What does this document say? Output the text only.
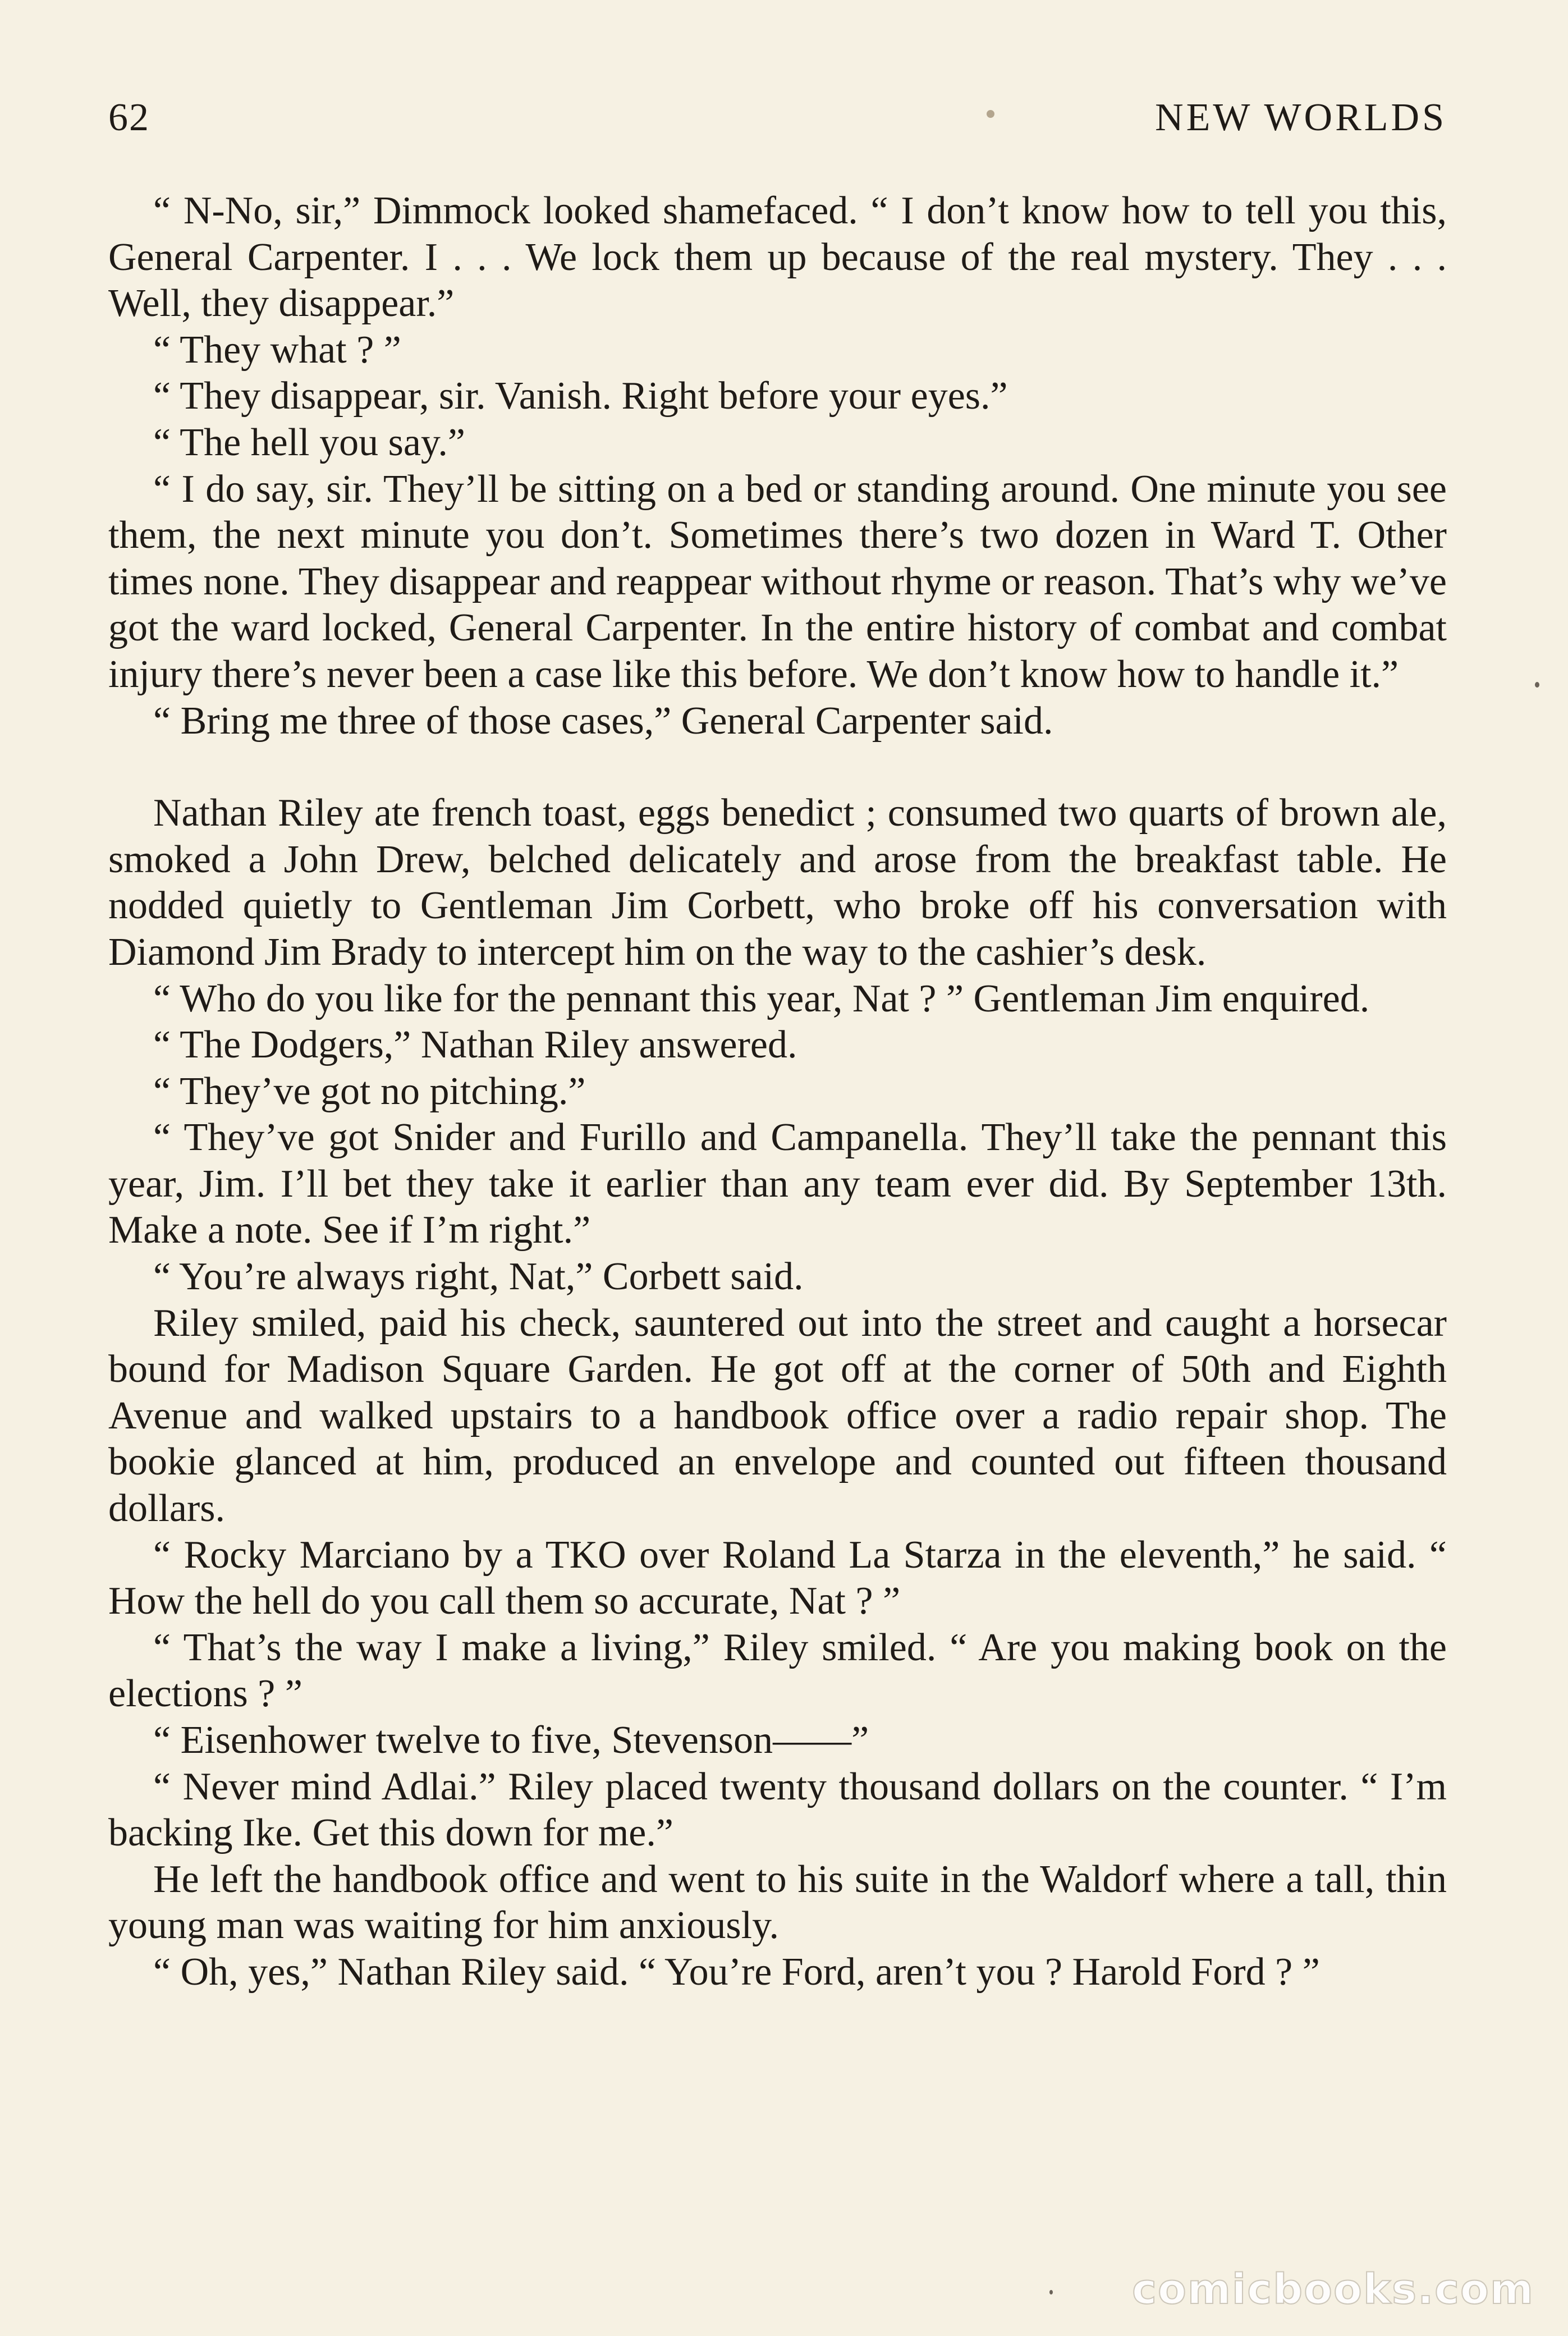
62	NEW WORLDS

“ N-No, sir,” Dimmock looked shamefaced. “ I don’t know how to tell you this, General Carpenter. I . . . We lock them up because of the real mystery. They . . . Well, they disappear.”

“ They what ? ”

“ They disappear, sir. Vanish. Right before your eyes.”

“ The hell you say.”

“ I do say, sir. They’ll be sitting on a bed or standing around. One minute you see them, the next minute you don’t. Sometimes there’s two dozen in Ward T. Other times none. They disappear and reappear without rhyme or reason. That’s why we’ve got the ward locked, General Carpenter. In the entire history of combat and combat injury there’s never been a case like this before. We don’t know how to handle it.”

“ Bring me three of those cases,” General Carpenter said.

Nathan Riley ate french toast, eggs benedict ; consumed two quarts of brown ale, smoked a John Drew, belched delicately and arose from the breakfast table. He nodded quietly to Gentleman Jim Corbett, who broke off his conversation with Diamond Jim Brady to intercept him on the way to the cashier’s desk.

“ Who do you like for the pennant this year, Nat ? ” Gentleman Jim enquired.

“ The Dodgers,” Nathan Riley answered.

“ They’ve got no pitching.”

“ They’ve got Snider and Furillo and Campanella. They’ll take the pennant this year, Jim. I’ll bet they take it earlier than any team ever did. By September 13th. Make a note. See if I’m right.”

“ You’re always right, Nat,” Corbett said.

Riley smiled, paid his check, sauntered out into the street and caught a horsecar bound for Madison Square Garden. He got off at the corner of 50th and Eighth Avenue and walked upstairs to a handbook office over a radio repair shop. The bookie glanced at him, produced an envelope and counted out fifteen thousand dollars.

“ Rocky Marciano by a TKO over Roland La Starza in the eleventh,” he said. “ How the hell do you call them so accurate, Nat ? ”

“ That’s the way I make a living,” Riley smiled. “ Are you making book on the elections ? ”

“ Eisenhower twelve to five, Stevenson——”

“ Never mind Adlai.” Riley placed twenty thousand dollars on the counter. “ I’m backing Ike. Get this down for me.”

He left the handbook office and went to his suite in the Waldorf where a tall, thin young man was waiting for him anxiously.

“ Oh, yes,” Nathan Riley said. “ You’re Ford, aren’t you ? Harold Ford ? ”

comicbooks.com
